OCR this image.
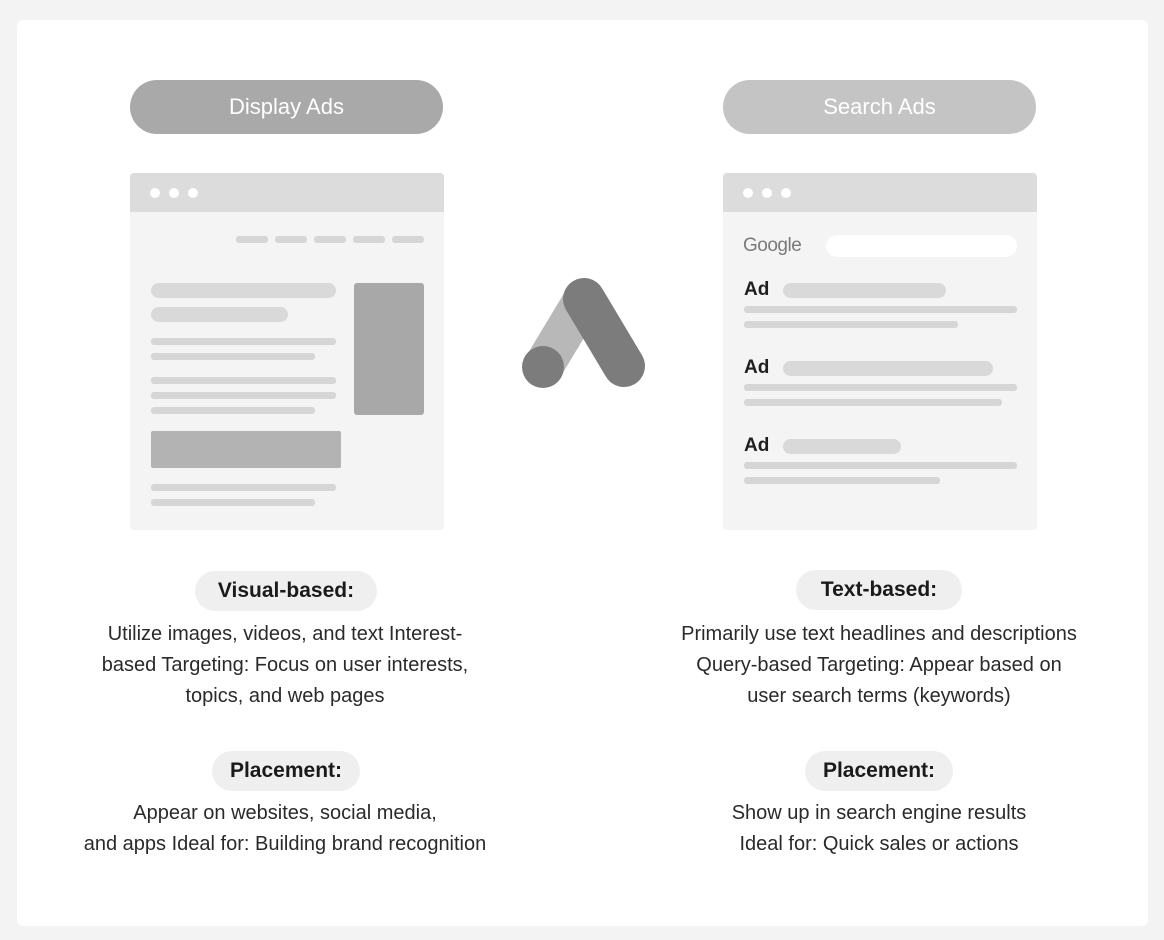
Display Ads	Search Ads
Google
Ad
Ad
Ad
Visual-based:
Utilize images, videos, and text Interest-
based Targeting: Focus on user interests,
topics, and web pages
Placement:
Appear on websites, social media,
and apps Ideal for: Building brand recognition
Text-based:
Primarily use text headlines and descriptions
Query-based Targeting: Appear based on
user search terms (keywords)
Placement:
Show up in search engine results
Ideal for: Quick sales or actions
